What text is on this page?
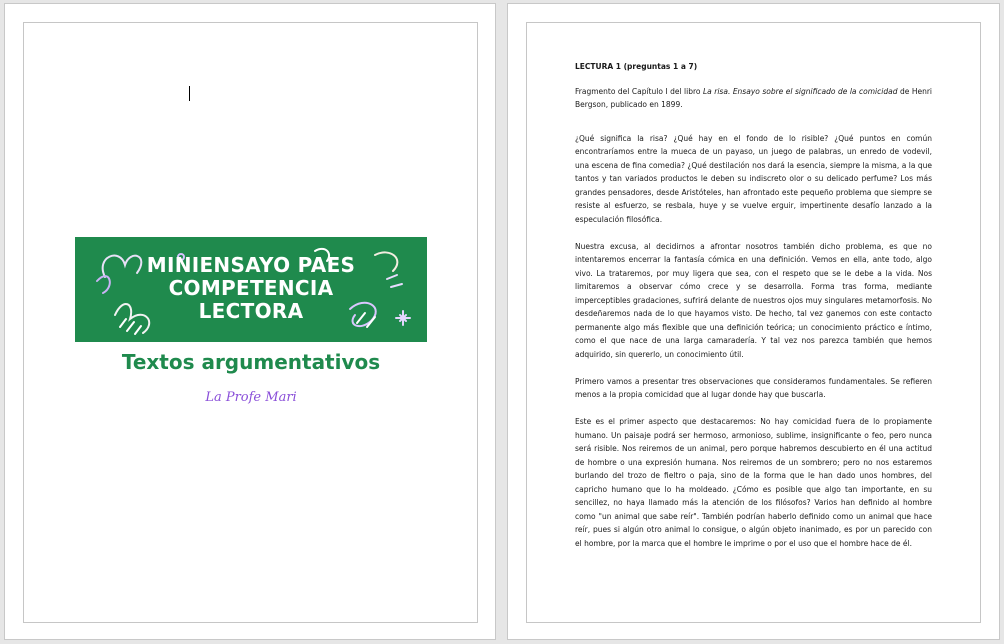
MINIENSAYO PAES
COMPETENCIA
LECTORA
Textos argumentativos
La Profe Mari

LECTURA 1 (preguntas 1 a 7)

Fragmento del Capítulo I del libro La risa. Ensayo sobre el significado de la comicidad de Henri Bergson, publicado en 1899.

¿Qué significa la risa? ¿Qué hay en el fondo de lo risible? ¿Qué puntos en común encontraríamos entre la mueca de un payaso, un juego de palabras, un enredo de vodevil, una escena de fina comedia? ¿Qué destilación nos dará la esencia, siempre la misma, a la que tantos y tan variados productos le deben su indiscreto olor o su delicado perfume? Los más grandes pensadores, desde Aristóteles, han afrontado este pequeño problema que siempre se resiste al esfuerzo, se resbala, huye y se vuelve erguir, impertinente desafío lanzado a la especulación filosófica.

Nuestra excusa, al decidirnos a afrontar nosotros también dicho problema, es que no intentaremos encerrar la fantasía cómica en una definición. Vemos en ella, ante todo, algo vivo. La trataremos, por muy ligera que sea, con el respeto que se le debe a la vida. Nos limitaremos a observar cómo crece y se desarrolla. Forma tras forma, mediante imperceptibles gradaciones, sufrirá delante de nuestros ojos muy singulares metamorfosis. No desdeñaremos nada de lo que hayamos visto. De hecho, tal vez ganemos con este contacto permanente algo más flexible que una definición teórica; un conocimiento práctico e íntimo, como el que nace de una larga camaradería. Y tal vez nos parezca también que hemos adquirido, sin quererlo, un conocimiento útil.

Primero vamos a presentar tres observaciones que consideramos fundamentales. Se refieren menos a la propia comicidad que al lugar donde hay que buscarla.

Este es el primer aspecto que destacaremos: No hay comicidad fuera de lo propiamente humano. Un paisaje podrá ser hermoso, armonioso, sublime, insignificante o feo, pero nunca será risible. Nos reiremos de un animal, pero porque habremos descubierto en él una actitud de hombre o una expresión humana. Nos reiremos de un sombrero; pero no nos estaremos burlando del trozo de fieltro o paja, sino de la forma que le han dado unos hombres, del capricho humano que lo ha moldeado. ¿Cómo es posible que algo tan importante, en su sencillez, no haya llamado más la atención de los filósofos? Varios han definido al hombre como "un animal que sabe reír". También podrían haberlo definido como un animal que hace reír, pues si algún otro animal lo consigue, o algún objeto inanimado, es por un parecido con el hombre, por la marca que el hombre le imprime o por el uso que el hombre hace de él.
